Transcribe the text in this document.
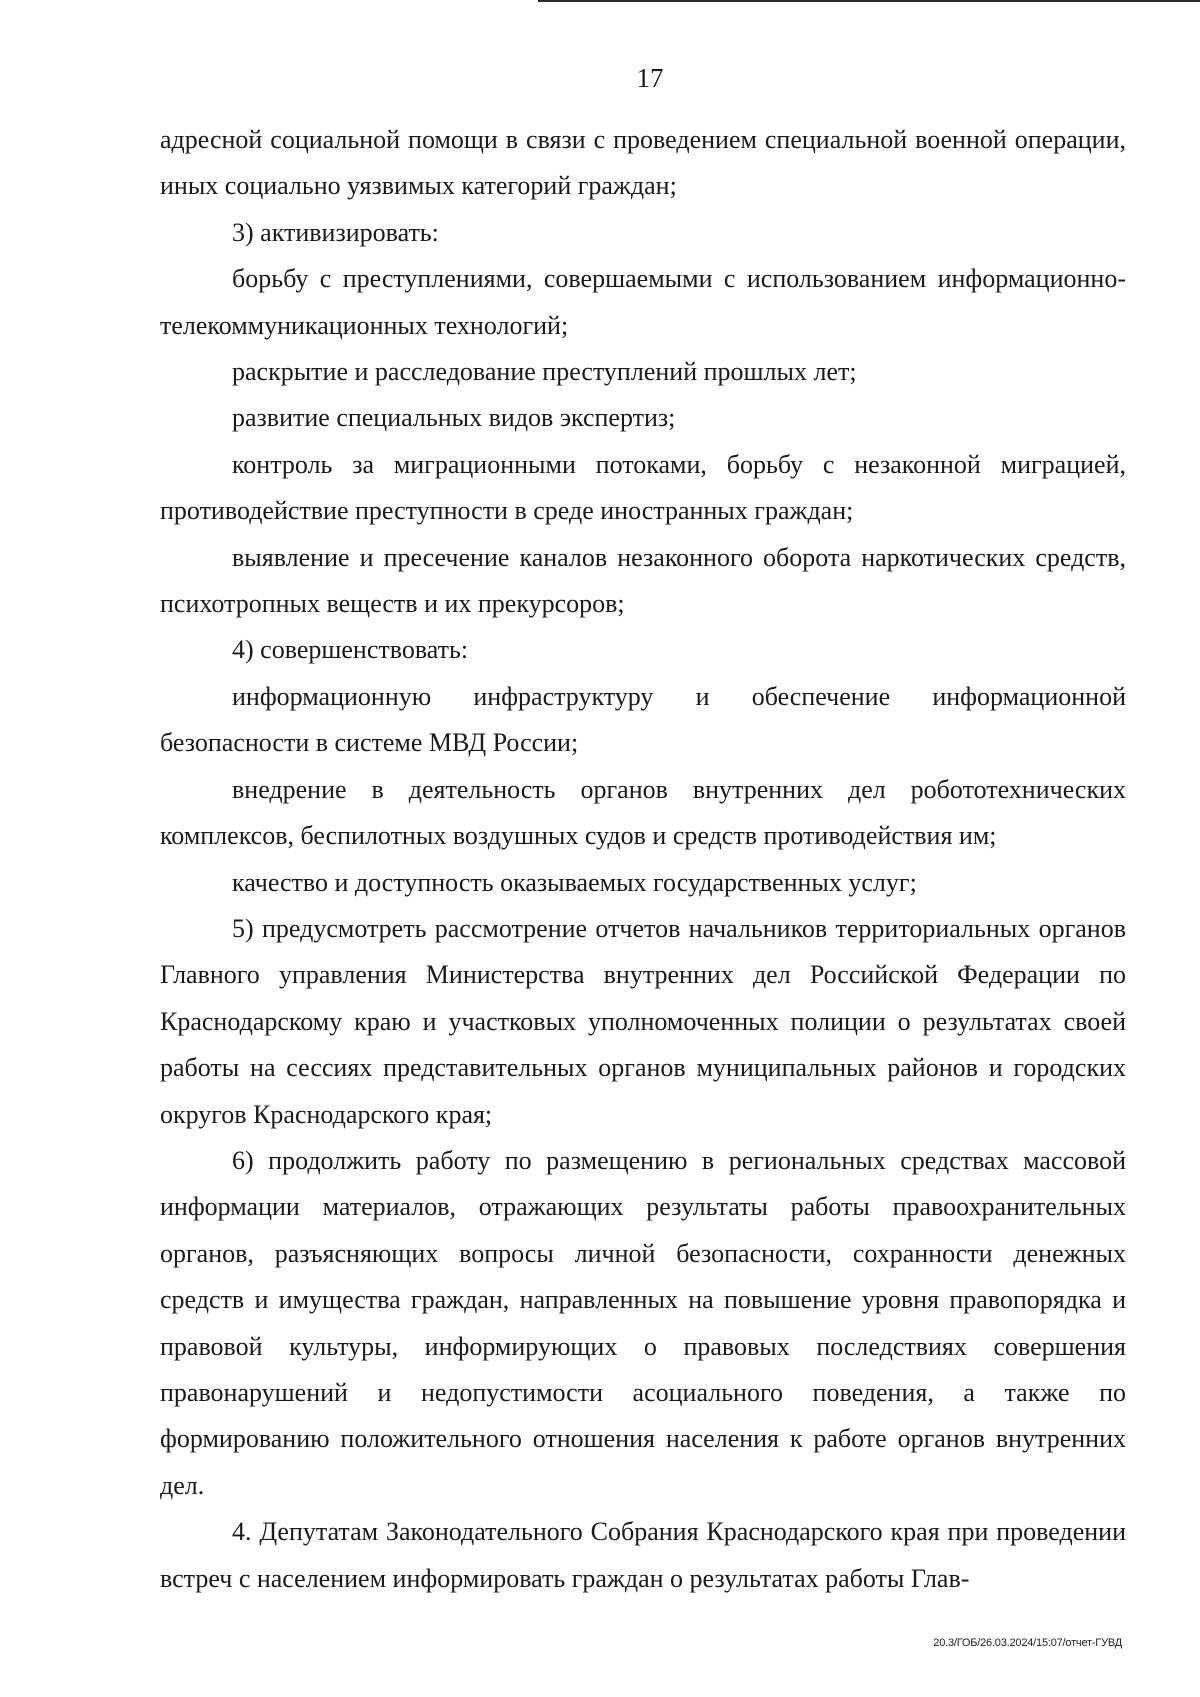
17

адресной социальной помощи в связи с проведением специальной военной операции, иных социально уязвимых категорий граждан;

3) активизировать:

борьбу с преступлениями, совершаемыми с использованием информационно-телекоммуникационных технологий;

раскрытие и расследование преступлений прошлых лет;

развитие специальных видов экспертиз;

контроль за миграционными потоками, борьбу с незаконной миграцией, противодействие преступности в среде иностранных граждан;

выявление и пресечение каналов незаконного оборота наркотических средств, психотропных веществ и их прекурсоров;

4) совершенствовать:

информационную инфраструктуру и обеспечение информационной безопасности в системе МВД России;

внедрение в деятельность органов внутренних дел робототехнических комплексов, беспилотных воздушных судов и средств противодействия им;

качество и доступность оказываемых государственных услуг;

5) предусмотреть рассмотрение отчетов начальников территориальных органов Главного управления Министерства внутренних дел Российской Федерации по Краснодарскому краю и участковых уполномоченных полиции о результатах своей работы на сессиях представительных органов муниципальных районов и городских округов Краснодарского края;

6) продолжить работу по размещению в региональных средствах массовой информации материалов, отражающих результаты работы правоохранительных органов, разъясняющих вопросы личной безопасности, сохранности денежных средств и имущества граждан, направленных на повышение уровня правопорядка и правовой культуры, информирующих о правовых последствиях совершения правонарушений и недопустимости асоциального поведения, а также по формированию положительного отношения населения к работе органов внутренних дел.

4. Депутатам Законодательного Собрания Краснодарского края при проведении встреч с населением информировать граждан о результатах работы Глав-

20.3/ГОБ/26.03.2024/15:07/отчет-ГУВД
